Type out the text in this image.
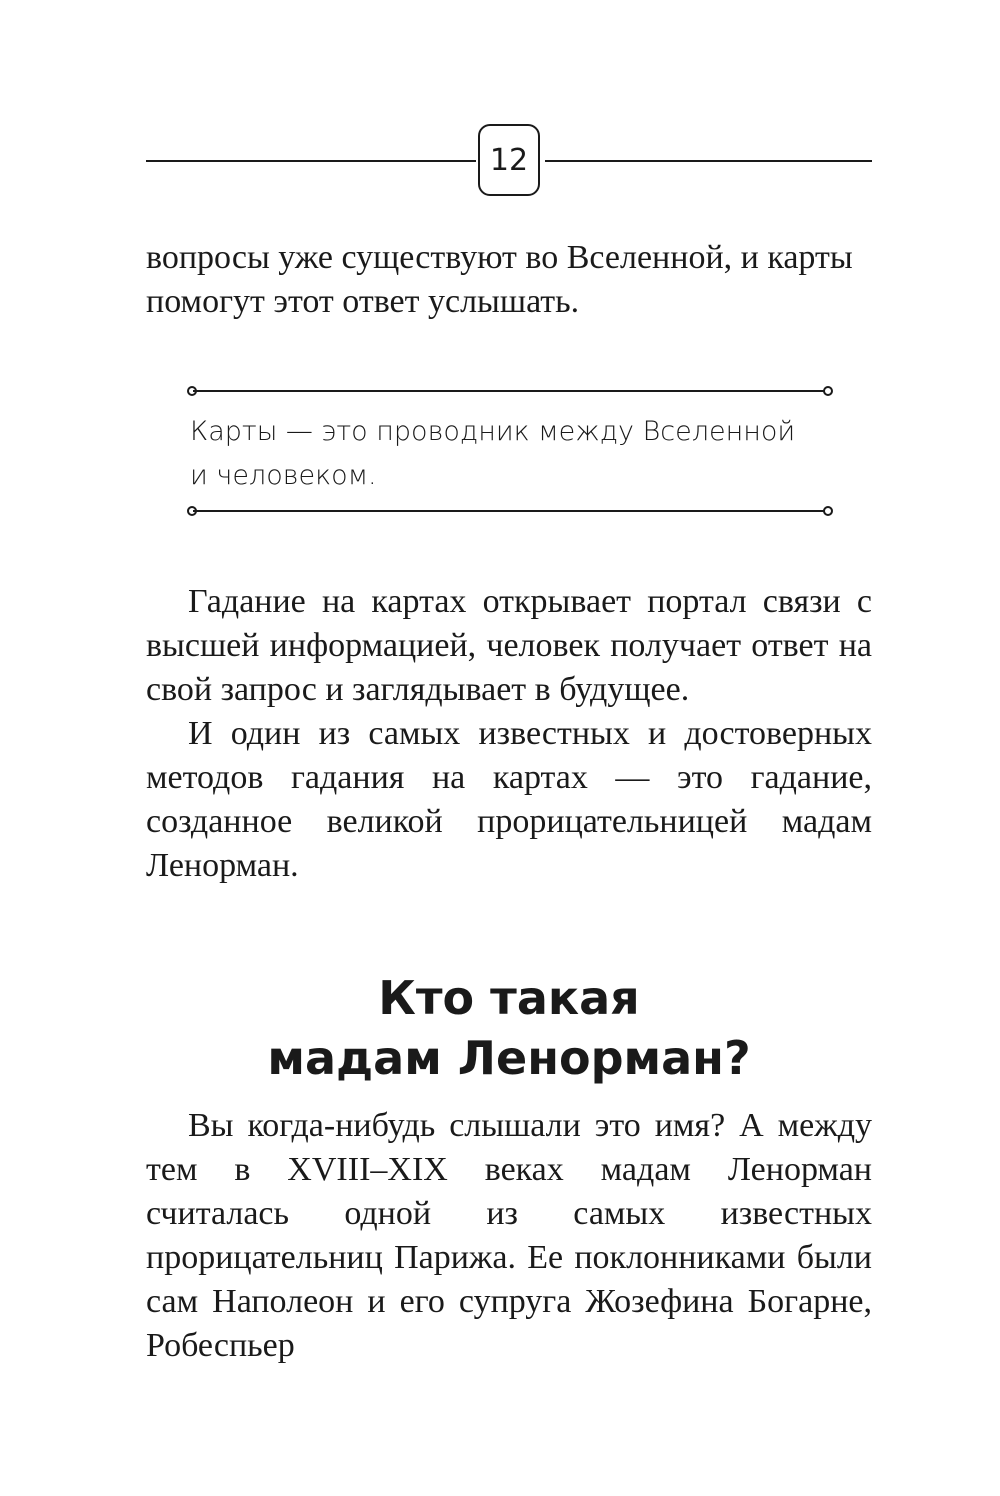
12
вопросы уже существуют во Вселенной, и карты
помогут этот ответ услышать.
Карты — это проводник между Вселенной
и человеком.

Гадание на картах открывает портал связи с высшей информацией, человек получает ответ на свой запрос и заглядывает в будущее.

И один из самых известных и достоверных методов гадания на картах — это гадание, созданное великой прорицательницей мадам Ленорман.

Кто такая
мадам Ленорман?

Вы когда-нибудь слышали это имя? А между тем в XVIII–XIX веках мадам Ленорман считалась одной из самых известных прорицательниц Парижа. Ее поклонниками были сам Наполеон и его супруга Жозефина Богарне, Робеспьер
